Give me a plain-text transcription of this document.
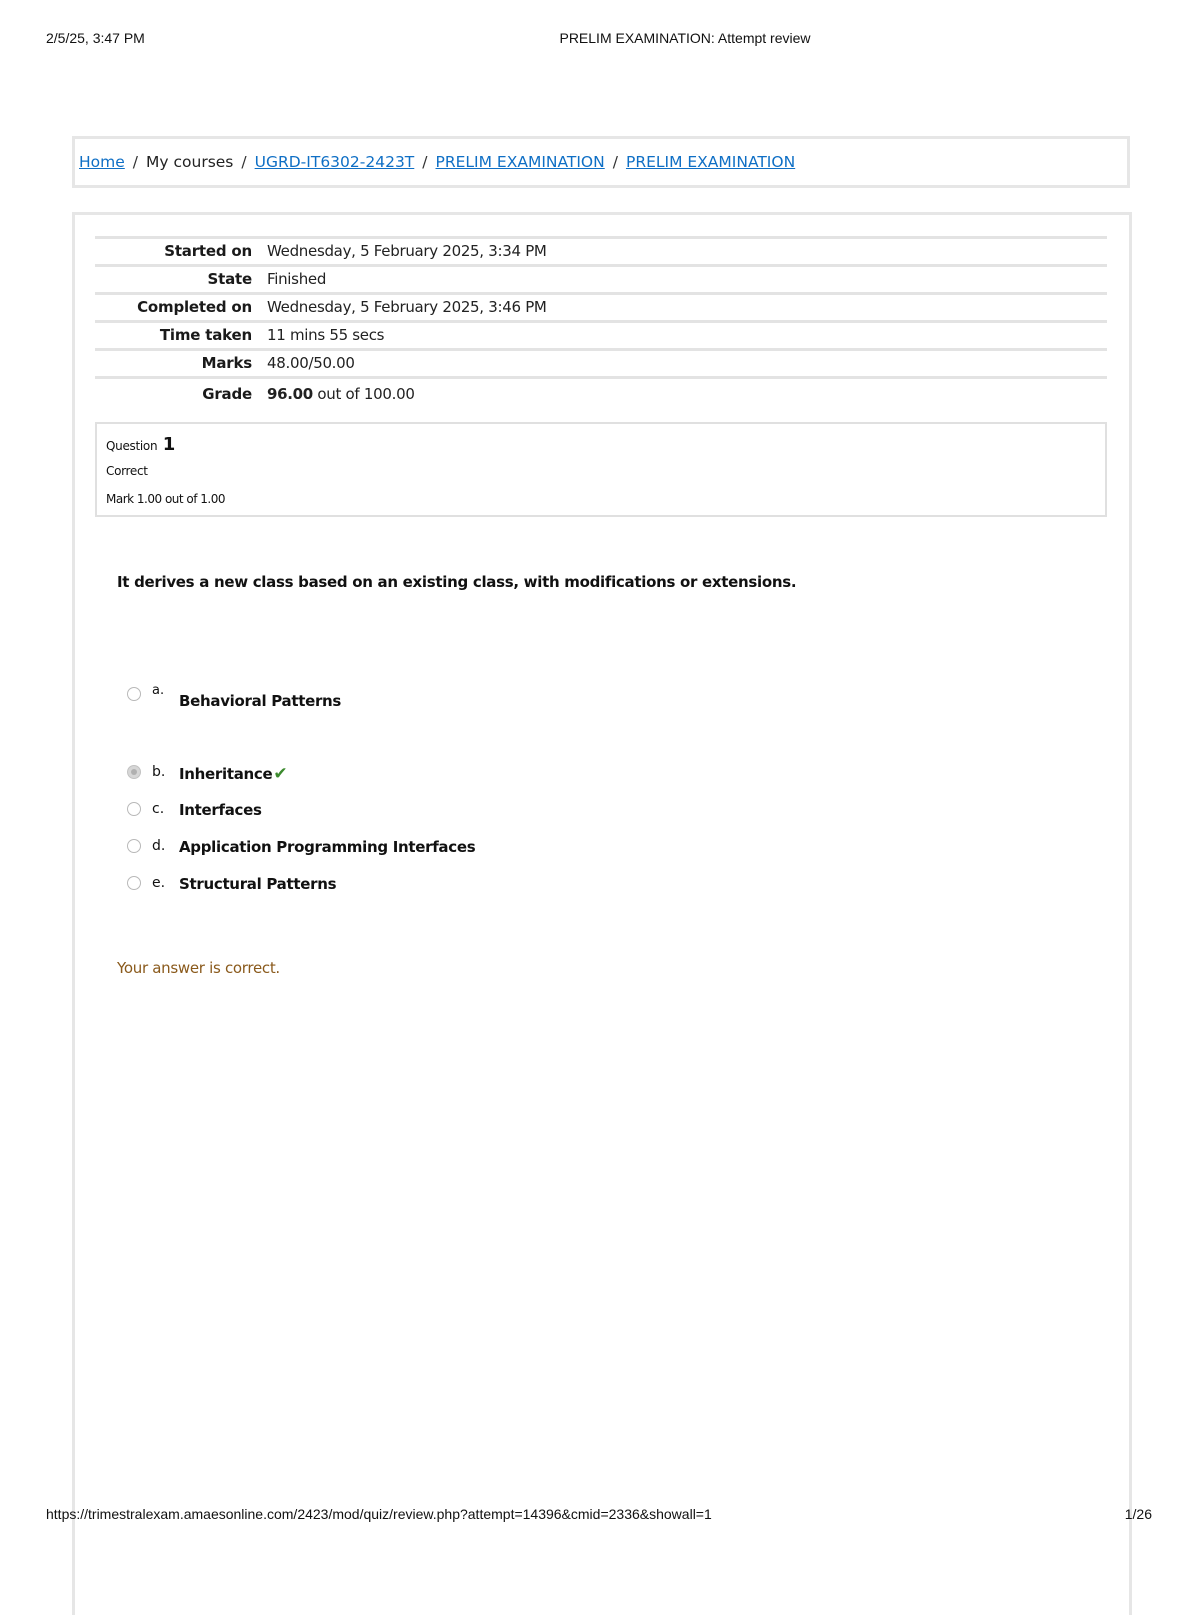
2/5/25, 3:47 PM	PRELIM EXAMINATION: Attempt review
Home / My courses / UGRD-IT6302-2423T / PRELIM EXAMINATION / PRELIM EXAMINATION
Started on	Wednesday, 5 February 2025, 3:34 PM
State	Finished
Completed on	Wednesday, 5 February 2025, 3:46 PM
Time taken	11 mins 55 secs
Marks	48.00/50.00
Grade	96.00 out of 100.00
Question 1
Correct
Mark 1.00 out of 1.00
It derives a new class based on an existing class, with modifications or extensions.
a.
Behavioral Patterns
b. Inheritance✔
c. Interfaces
d. Application Programming Interfaces
e. Structural Patterns
Your answer is correct.
https://trimestralexam.amaesonline.com/2423/mod/quiz/review.php?attempt=14396&cmid=2336&showall=1	1/26
